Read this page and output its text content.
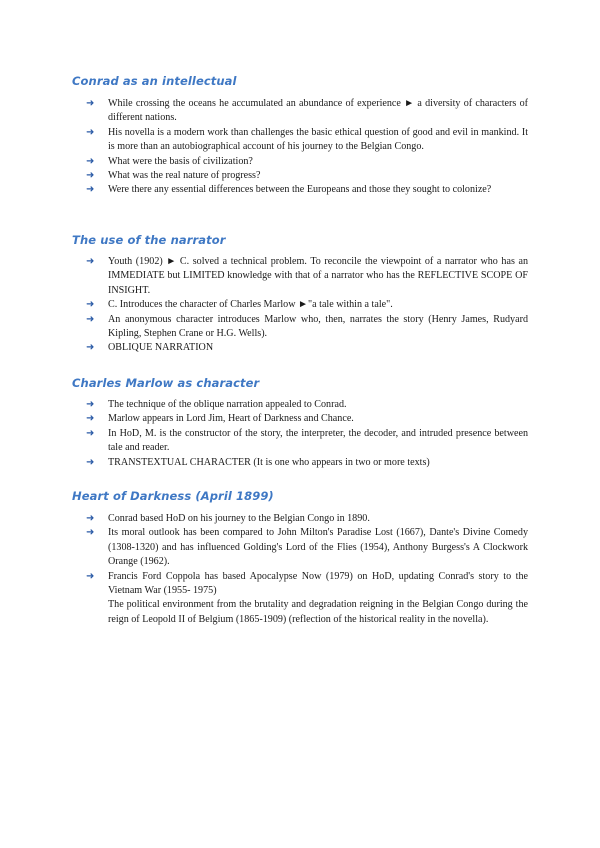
Conrad as an intellectual
➜ While crossing the oceans he accumulated an abundance of experience ► a diversity of characters of different nations.
➜ His novella is a modern work than challenges the basic ethical question of good and evil in mankind. It is more than an autobiographical account of his journey to the Belgian Congo.
➜ What were the basis of civilization?
➜ What was the real nature of progress?
➜ Were there any essential differences between the Europeans and those they sought to colonize?
The use of the narrator
➜ Youth (1902) ► C. solved a technical problem. To reconcile the viewpoint of a narrator who has an IMMEDIATE but LIMITED knowledge with that of a narrator who has the REFLECTIVE SCOPE OF INSIGHT.
➜ C. Introduces the character of Charles Marlow ►"a tale within a tale".
➜ An anonymous character introduces Marlow who, then, narrates the story (Henry James, Rudyard Kipling, Stephen Crane or H.G. Wells).
➜ OBLIQUE NARRATION
Charles Marlow as character
➜ The technique of the oblique narration appealed to Conrad.
➜ Marlow appears in Lord Jim, Heart of Darkness and Chance.
➜ In HoD, M. is the constructor of the story, the interpreter, the decoder, and intruded presence between tale and reader.
➜ TRANSTEXTUAL CHARACTER (It is one who appears in two or more texts)
Heart of Darkness (April 1899)
➜ Conrad based HoD on his journey to the Belgian Congo in 1890.
➜ Its moral outlook has been compared to John Milton's Paradise Lost (1667), Dante's Divine Comedy (1308-1320) and has influenced Golding's Lord of the Flies (1954), Anthony Burgess's A Clockwork Orange (1962).
➜ Francis Ford Coppola has based Apocalypse Now (1979) on HoD, updating Conrad's story to the Vietnam War (1955- 1975)
The political environment from the brutality and degradation reigning in the Belgian Congo during the reign of Leopold II of Belgium (1865-1909) (reflection of the historical reality in the novella).
